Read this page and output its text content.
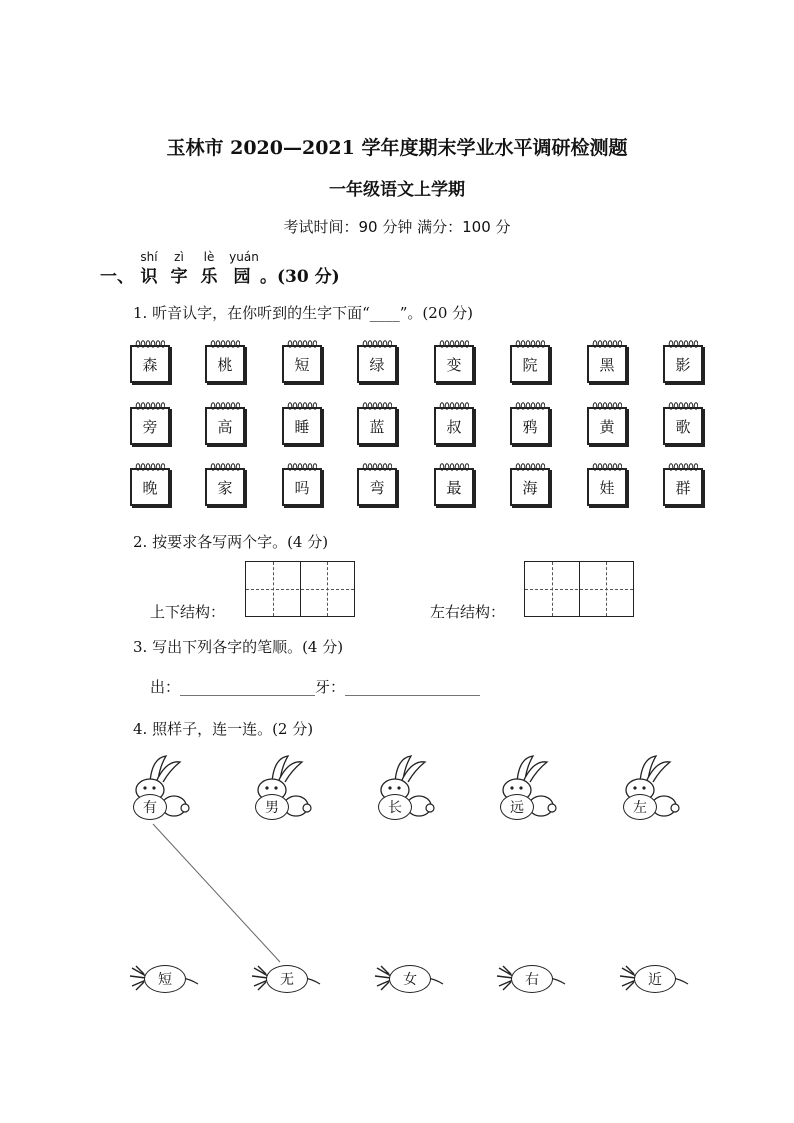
玉林市 2020—2021 学年度期末学业水平调研检测题
一年级语文上学期
考试时间：90 分钟 满分：100 分
一、
shí
识
zì
字
lè
乐
yuán
园 。(30 分)
1. 听音认字，在你听到的生字下面“____”。(20 分)
森	桃	短	绿	变	院	黑	影
旁	高	睡	蓝	叔	鸦	黄	歌
晚	家	吗	弯	最	海	娃	群
2. 按要求各写两个字。(4 分)
上下结构：	左右结构：
3. 写出下列各字的笔顺。(4 分)
出：__________________牙：__________________
4. 照样子，连一连。(2 分)
有	男	长	远	左
短	无	女	右	近
